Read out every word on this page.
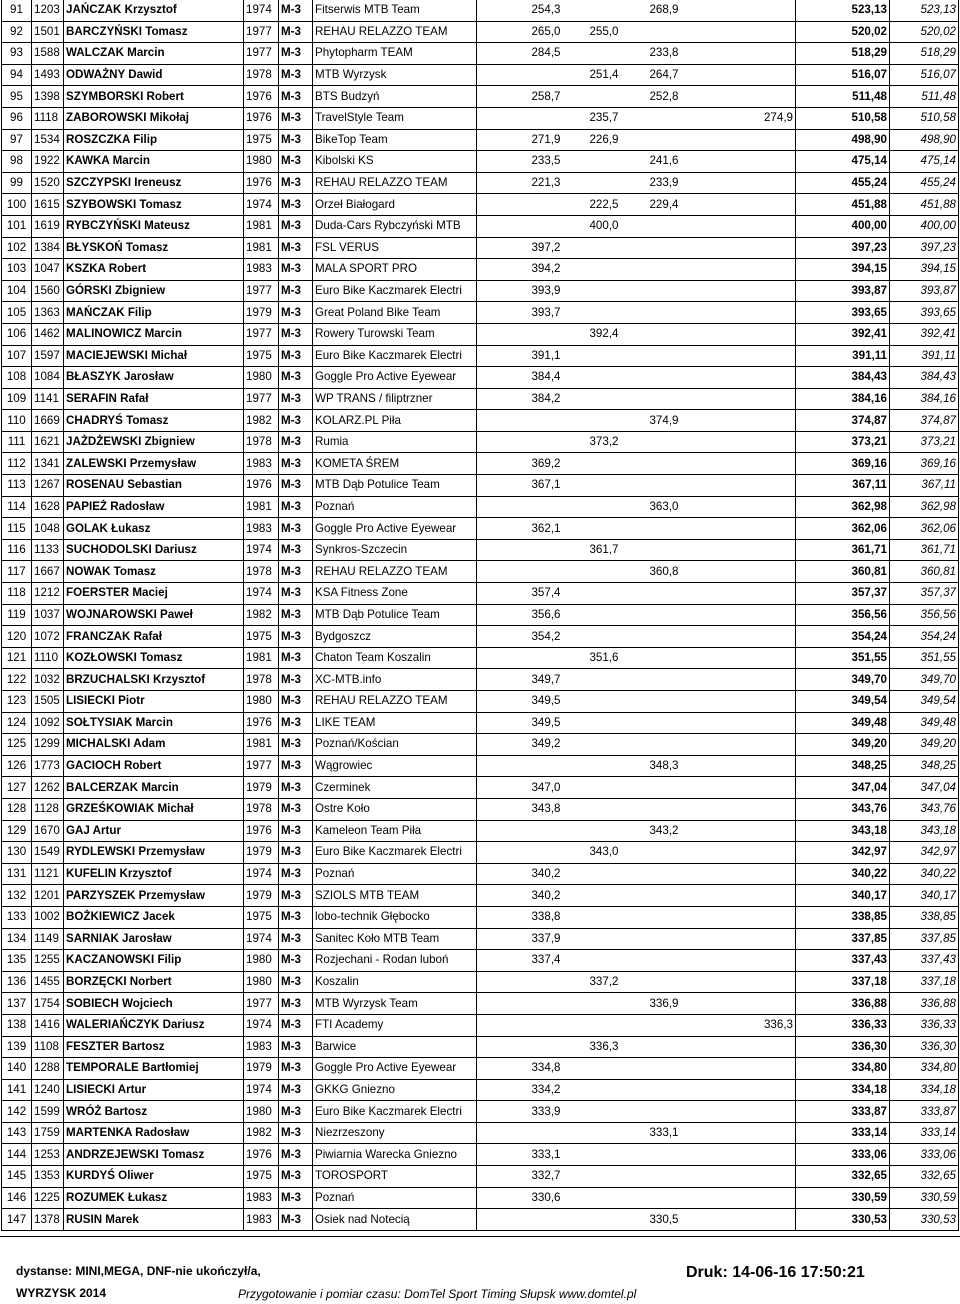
91	1203	JAŃCZAK Krzysztof	1974	M-3	Fitserwis MTB Team	254,3		268,9		523,13	523,13
92	1501	BARCZYŃSKI Tomasz	1977	M-3	REHAU RELAZZO TEAM	265,0	255,0			520,02	520,02
93	1588	WALCZAK Marcin	1977	M-3	Phytopharm TEAM	284,5		233,8		518,29	518,29
94	1493	ODWAŻNY Dawid	1978	M-3	MTB Wyrzysk		251,4	264,7		516,07	516,07
95	1398	SZYMBORSKI Robert	1976	M-3	BTS Budzyń	258,7		252,8		511,48	511,48
96	1118	ZABOROWSKI Mikołaj	1976	M-3	TravelStyle Team		235,7		274,9	510,58	510,58
97	1534	ROSZCZKA Filip	1975	M-3	BikeTop Team	271,9	226,9			498,90	498,90
98	1922	KAWKA Marcin	1980	M-3	Kibolski KS	233,5		241,6		475,14	475,14
99	1520	SZCZYPSKI Ireneusz	1976	M-3	REHAU RELAZZO TEAM	221,3		233,9		455,24	455,24
100	1615	SZYBOWSKI Tomasz	1974	M-3	Orzeł Białogard		222,5	229,4		451,88	451,88
101	1619	RYBCZYŃSKI Mateusz	1981	M-3	Duda-Cars Rybczyński MTB		400,0			400,00	400,00
102	1384	BŁYSKOŃ Tomasz	1981	M-3	FSL VERUS	397,2				397,23	397,23
103	1047	KSZKA Robert	1983	M-3	MALA SPORT PRO	394,2				394,15	394,15
104	1560	GÓRSKI Zbigniew	1977	M-3	Euro Bike Kaczmarek Electri	393,9				393,87	393,87
105	1363	MAŃCZAK Filip	1979	M-3	Great Poland Bike Team	393,7				393,65	393,65
106	1462	MALINOWICZ Marcin	1977	M-3	Rowery Turowski Team		392,4			392,41	392,41
107	1597	MACIEJEWSKI Michał	1975	M-3	Euro Bike Kaczmarek Electri	391,1				391,11	391,11
108	1084	BŁASZYK Jarosław	1980	M-3	Goggle Pro Active Eyewear	384,4				384,43	384,43
109	1141	SERAFIN Rafał	1977	M-3	WP TRANS / filiptrzner	384,2				384,16	384,16
110	1669	CHADRYŚ Tomasz	1982	M-3	KOLARZ.PL Piła			374,9		374,87	374,87
111	1621	JAŻDŻEWSKI Zbigniew	1978	M-3	Rumia		373,2			373,21	373,21
112	1341	ZALEWSKI Przemysław	1983	M-3	KOMETA ŚREM	369,2				369,16	369,16
113	1267	ROSENAU Sebastian	1976	M-3	MTB Dąb Potulice Team	367,1				367,11	367,11
114	1628	PAPIEŻ Radosław	1981	M-3	Poznań			363,0		362,98	362,98
115	1048	GOLAK Łukasz	1983	M-3	Goggle Pro Active Eyewear	362,1				362,06	362,06
116	1133	SUCHODOLSKI Dariusz	1974	M-3	Synkros-Szczecin		361,7			361,71	361,71
117	1667	NOWAK Tomasz	1978	M-3	REHAU RELAZZO TEAM			360,8		360,81	360,81
118	1212	FOERSTER Maciej	1974	M-3	KSA Fitness Zone	357,4				357,37	357,37
119	1037	WOJNAROWSKI Paweł	1982	M-3	MTB Dąb Potulice Team	356,6				356,56	356,56
120	1072	FRANCZAK Rafał	1975	M-3	Bydgoszcz	354,2				354,24	354,24
121	1110	KOZŁOWSKI Tomasz	1981	M-3	Chaton Team Koszalin		351,6			351,55	351,55
122	1032	BRZUCHALSKI Krzysztof	1978	M-3	XC-MTB.info	349,7				349,70	349,70
123	1505	LISIECKI Piotr	1980	M-3	REHAU RELAZZO TEAM	349,5				349,54	349,54
124	1092	SOŁTYSIAK Marcin	1976	M-3	LIKE TEAM	349,5				349,48	349,48
125	1299	MICHALSKI Adam	1981	M-3	Poznań/Kościan	349,2				349,20	349,20
126	1773	GACIOCH Robert	1977	M-3	Wągrowiec			348,3		348,25	348,25
127	1262	BALCERZAK Marcin	1979	M-3	Czerminek	347,0				347,04	347,04
128	1128	GRZEŚKOWIAK Michał	1978	M-3	Ostre Koło	343,8				343,76	343,76
129	1670	GAJ Artur	1976	M-3	Kameleon Team Piła			343,2		343,18	343,18
130	1549	RYDLEWSKI Przemysław	1979	M-3	Euro Bike Kaczmarek Electri		343,0			342,97	342,97
131	1121	KUFELIN Krzysztof	1974	M-3	Poznań	340,2				340,22	340,22
132	1201	PARZYSZEK Przemysław	1979	M-3	SZIOLS MTB TEAM	340,2				340,17	340,17
133	1002	BOŻKIEWICZ Jacek	1975	M-3	lobo-technik Głębocko	338,8				338,85	338,85
134	1149	SARNIAK Jarosław	1974	M-3	Sanitec Koło MTB Team	337,9				337,85	337,85
135	1255	KACZANOWSKI Filip	1980	M-3	Rozjechani - Rodan luboń	337,4				337,43	337,43
136	1455	BORZĘCKI Norbert	1980	M-3	Koszalin		337,2			337,18	337,18
137	1754	SOBIECH Wojciech	1977	M-3	MTB Wyrzysk Team			336,9		336,88	336,88
138	1416	WALERIAŃCZYK Dariusz	1974	M-3	FTI Academy				336,3	336,33	336,33
139	1108	FESZTER Bartosz	1983	M-3	Barwice		336,3			336,30	336,30
140	1288	TEMPORALE Bartłomiej	1979	M-3	Goggle Pro Active Eyewear	334,8				334,80	334,80
141	1240	LISIECKI Artur	1974	M-3	GKKG Gniezno	334,2				334,18	334,18
142	1599	WRÓŻ Bartosz	1980	M-3	Euro Bike Kaczmarek Electri	333,9				333,87	333,87
143	1759	MARTENKA Radosław	1982	M-3	Niezrzeszony			333,1		333,14	333,14
144	1253	ANDRZEJEWSKI Tomasz	1976	M-3	Piwiarnia Warecka Gniezno	333,1				333,06	333,06
145	1353	KURDYŚ Oliwer	1975	M-3	TOROSPORT	332,7				332,65	332,65
146	1225	ROZUMEK Łukasz	1983	M-3	Poznań	330,6				330,59	330,59
147	1378	RUSIN Marek	1983	M-3	Osiek nad Notecią			330,5		330,53	330,53
dystanse: MINI,MEGA, DNF-nie ukończył/a,	Druk: 14-06-16 17:50:21
WYRZYSK 2014	Przygotowanie i pomiar czasu: DomTel Sport Timing Słupsk www.domtel.pl
